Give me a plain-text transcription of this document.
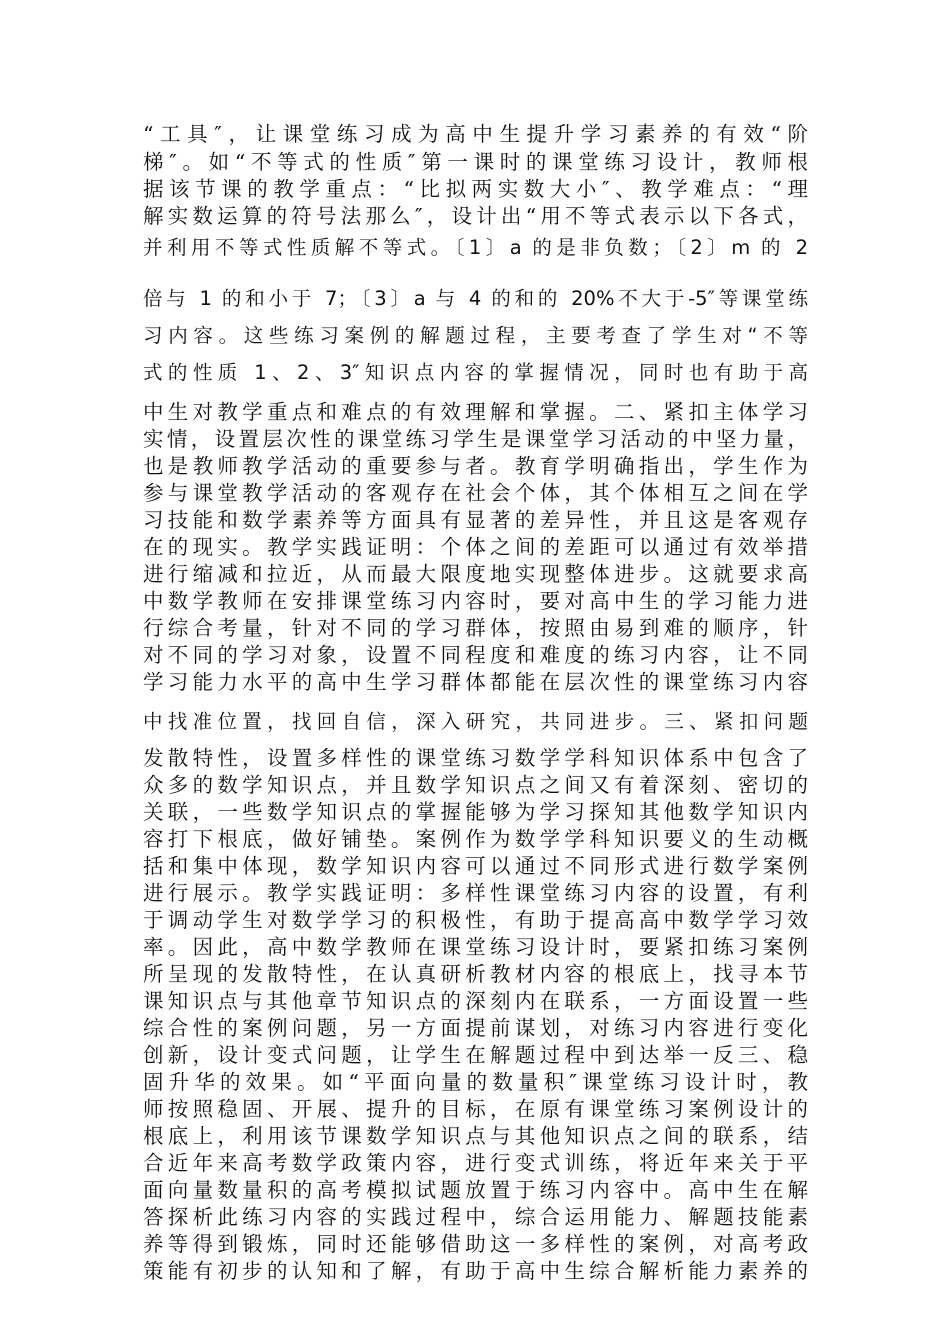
“工具″，让课堂练习成为高中生提升学习素养的有效“阶
梯″。如“不等式的性质″第一课时的课堂练习设计，教师根
据该节课的教学重点：“比拟两实数大小″、教学难点：“理
解实数运算的符号法那么″，设计出“用不等式表示以下各式，
并利用不等式性质解不等式。〔1〕a 的是非负数；〔2〕m 的 2
倍与 1 的和小于 7；〔3〕a 与 4 的和的 20%不大于-5″等课堂练
习内容。这些练习案例的解题过程，主要考查了学生对“不等
式的性质 1、2、3″知识点内容的掌握情况，同时也有助于高
中生对教学重点和难点的有效理解和掌握。二、紧扣主体学习
实情，设置层次性的课堂练习学生是课堂学习活动的中坚力量，
也是教师教学活动的重要参与者。教育学明确指出，学生作为
参与课堂教学活动的客观存在社会个体，其个体相互之间在学
习技能和数学素养等方面具有显著的差异性，并且这是客观存
在的现实。教学实践证明：个体之间的差距可以通过有效举措
进行缩减和拉近，从而最大限度地实现整体进步。这就要求高
中数学教师在安排课堂练习内容时，要对高中生的学习能力进
行综合考量，针对不同的学习群体，按照由易到难的顺序，针
对不同的学习对象，设置不同程度和难度的练习内容，让不同
学习能力水平的高中生学习群体都能在层次性的课堂练习内容
中找准位置，找回自信，深入研究，共同进步。三、紧扣问题
发散特性，设置多样性的课堂练习数学学科知识体系中包含了
众多的数学知识点，并且数学知识点之间又有着深刻、密切的
关联，一些数学知识点的掌握能够为学习探知其他数学知识内
容打下根底，做好铺垫。案例作为数学学科知识要义的生动概
括和集中体现，数学知识内容可以通过不同形式进行数学案例
进行展示。教学实践证明：多样性课堂练习内容的设置，有利
于调动学生对数学学习的积极性，有助于提高高中数学学习效
率。因此，高中数学教师在课堂练习设计时，要紧扣练习案例
所呈现的发散特性，在认真研析教材内容的根底上，找寻本节
课知识点与其他章节知识点的深刻内在联系，一方面设置一些
综合性的案例问题，另一方面提前谋划，对练习内容进行变化
创新，设计变式问题，让学生在解题过程中到达举一反三、稳
固升华的效果。如“平面向量的数量积″课堂练习设计时，教
师按照稳固、开展、提升的目标，在原有课堂练习案例设计的
根底上，利用该节课数学知识点与其他知识点之间的联系，结
合近年来高考数学政策内容，进行变式训练，将近年来关于平
面向量数量积的高考模拟试题放置于练习内容中。高中生在解
答探析此练习内容的实践过程中，综合运用能力、解题技能素
养等得到锻炼，同时还能够借助这一多样性的案例，对高考政
策能有初步的认知和了解，有助于高中生综合解析能力素养的
